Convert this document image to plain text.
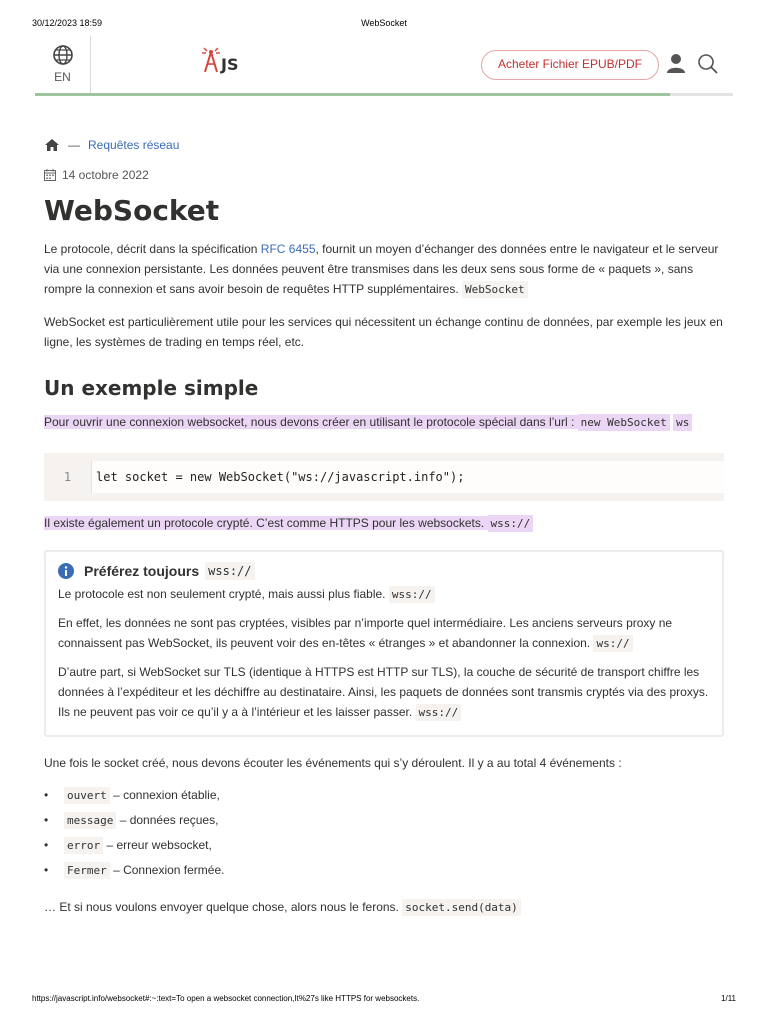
30/12/2023 18:59	WebSocket
EN
JS	Acheter Fichier EPUB/PDF
— Requêtes réseau
14 octobre 2022
WebSocket

Le protocole, décrit dans la spécification RFC 6455, fournit un moyen d’échanger des données entre le navigateur et le serveur via une connexion persistante. Les données peuvent être transmises dans les deux sens sous forme de « paquets », sans rompre la connexion et sans avoir besoin de requêtes HTTP supplémentaires. WebSocket

WebSocket est particulièrement utile pour les services qui nécessitent un échange continu de données, par exemple les jeux en ligne, les systèmes de trading en temps réel, etc.

Un exemple simple

Pour ouvrir une connexion websocket, nous devons créer en utilisant le protocole spécial dans l’url : new WebSocket ws

1	let socket = new WebSocket("ws://javascript.info");

Il existe également un protocole crypté. C’est comme HTTPS pour les websockets. wss://

Préférez toujours wss://

Le protocole est non seulement crypté, mais aussi plus fiable. wss://

En effet, les données ne sont pas cryptées, visibles par n’importe quel intermédiaire. Les anciens serveurs proxy ne connaissent pas WebSocket, ils peuvent voir des en-têtes « étranges » et abandonner la connexion. ws://

D’autre part, si WebSocket sur TLS (identique à HTTPS est HTTP sur TLS), la couche de sécurité de transport chiffre les données à l’expéditeur et les déchiffre au destinataire. Ainsi, les paquets de données sont transmis cryptés via des proxys. Ils ne peuvent pas voir ce qu’il y a à l’intérieur et les laisser passer. wss://

Une fois le socket créé, nous devons écouter les événements qui s’y déroulent. Il y a au total 4 événements :

• ouvert – connexion établie,
• message – données reçues,
• error – erreur websocket,
• Fermer – Connexion fermée.

… Et si nous voulons envoyer quelque chose, alors nous le ferons. socket.send(data)

https://javascript.info/websocket#:~:text=To open a websocket connection,It%27s like HTTPS for websockets.	1/11
